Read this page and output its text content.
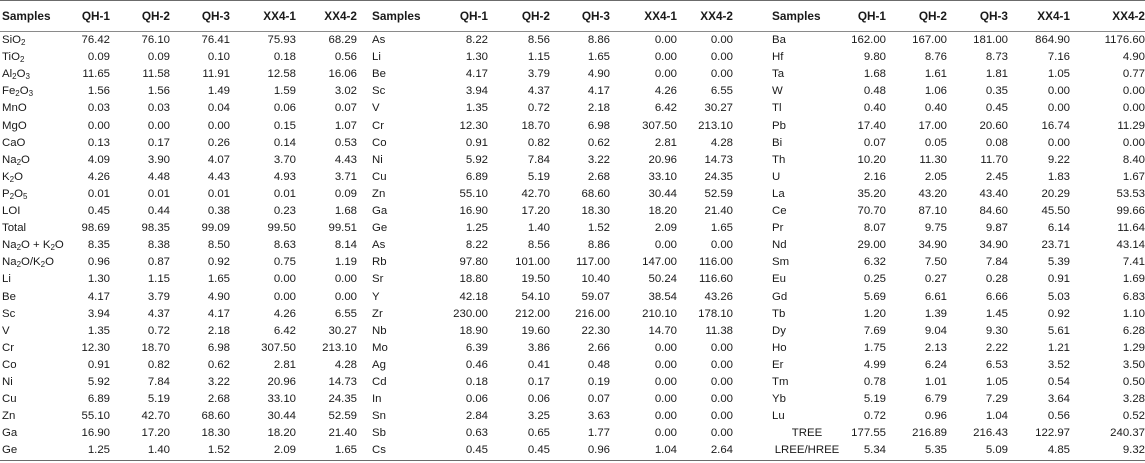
Samples	QH-1	QH-2	QH-3	XX4-1	XX4-2 Samples	QH-1	QH-2	QH-3	XX4-1	XX4-2	Samples	QH-1	QH-2	QH-3	XX4-1	XX4-2
SiO$_2$	76.42	76.10	76.41	75.93	68.29 As	8.22	8.56	8.86	0.00	0.00	Ba	162.00	167.00	181.00	864.90	1176.60
TiO$_2$	0.09	0.09	0.10	0.18	0.56 Li	1.30	1.15	1.65	0.00	0.00	Hf	9.80	8.76	8.73	7.16	4.90
$Al_2O_3$	11.65	11.58	11.91	12.58	16.06 Be	4.17	3.79	4.90	0.00	0.00	Ta	1.68	1.61	1.81	1.05	0.77
$Fe_2O_3$	1.56	1.56	1.49	1.59	3.02 Sc	3.94	4.37	4.17	4.26	6.55	W	0.48	1.06	0.35	0.00	0.00
MnO	0.03	0.03	0.04	0.06	0.07 V	1.35	0.72	2.18	6.42	30.27	Tl	0.40	0.40	0.45	0.00	0.00
MgO	0.00	0.00	0.00	0.15	1.07 Cr	12.30	18.70	6.98	307.50	213.10	Pb	17.40	17.00	20.60	16.74	11.29
CaO	0.13	0.17	0.26	0.14	0.53 Co	0.91	0.82	0.62	2.81	4.28	Bi	0.07	0.05	0.08	0.00	0.00
$Na_2O$	4.09	3.90	4.07	3.70	4.43 Ni	5.92	7.84	3.22	20.96	14.73	Th	10.20	11.30	11.70	9.22	8.40
$K_2O$	4.26	4.48	4.43	4.93	3.71 Cu	6.89	5.19	2.68	33.10	24.35	U	2.16	2.05	2.45	1.83	1.67
$P_2O_5$	0.01	0.01	0.01	0.01	0.09 Zn	55.10	42.70	68.60	30.44	52.59	La	35.20	43.20	43.40	20.29	53.53
LOI	0.45	0.44	0.38	0.23	1.68 Ga	16.90	17.20	18.30	18.20	21.40	Ce	70.70	87.10	84.60	45.50	99.66
Total	98.69	98.35	99.09	99.50	99.51 Ge	1.25	1.40	1.52	2.09	1.65	Pr	8.07	9.75	9.87	6.14	11.64
$Na_2O + K_2O$	8.35	8.38	8.50	8.63	8.14 As	8.22	8.56	8.86	0.00	0.00	Nd	29.00	34.90	34.90	23.71	43.14
$Na_2O/K_2O$	0.96	0.87	0.92	0.75	1.19 Rb	97.80	101.00	117.00	147.00	116.00	Sm	6.32	7.50	7.84	5.39	7.41
Li	1.30	1.15	1.65	0.00	0.00 Sr	18.80	19.50	10.40	50.24	116.60	Eu	0.25	0.27	0.28	0.91	1.69
Be	4.17	3.79	4.90	0.00	0.00 Y	42.18	54.10	59.07	38.54	43.26	Gd	5.69	6.61	6.66	5.03	6.83
Sc	3.94	4.37	4.17	4.26	6.55 Zr	230.00	212.00	216.00	210.10	178.10	Tb	1.20	1.39	1.45	0.92	1.10
V	1.35	0.72	2.18	6.42	30.27 Nb	18.90	19.60	22.30	14.70	11.38	Dy	7.69	9.04	9.30	5.61	6.28
Cr	12.30	18.70	6.98	307.50	213.10 Mo	6.39	3.86	2.66	0.00	0.00	Ho	1.75	2.13	2.22	1.21	1.29
Co	0.91	0.82	0.62	2.81	4.28 Ag	0.46	0.41	0.48	0.00	0.00	Er	4.99	6.24	6.53	3.52	3.50
Ni	5.92	7.84	3.22	20.96	14.73 Cd	0.18	0.17	0.19	0.00	0.00	Tm	0.78	1.01	1.05	0.54	0.50
Cu	6.89	5.19	2.68	33.10	24.35 In	0.06	0.06	0.07	0.00	0.00	Yb	5.19	6.79	7.29	3.64	3.28
Zn	55.10	42.70	68.60	30.44	52.59 Sn	2.84	3.25	3.63	0.00	0.00	Lu	0.72	0.96	1.04	0.56	0.52
Ga	16.90	17.20	18.30	18.20	21.40 Sb	0.63	0.65	1.77	0.00	0.00	TREE	177.55	216.89	216.43	122.97	240.37
Ge	1.25	1.40	1.52	2.09	1.65 Cs	0.45	0.45	0.96	1.04	2.64	LREE/HREE	5.34	5.35	5.09	4.85	9.32
